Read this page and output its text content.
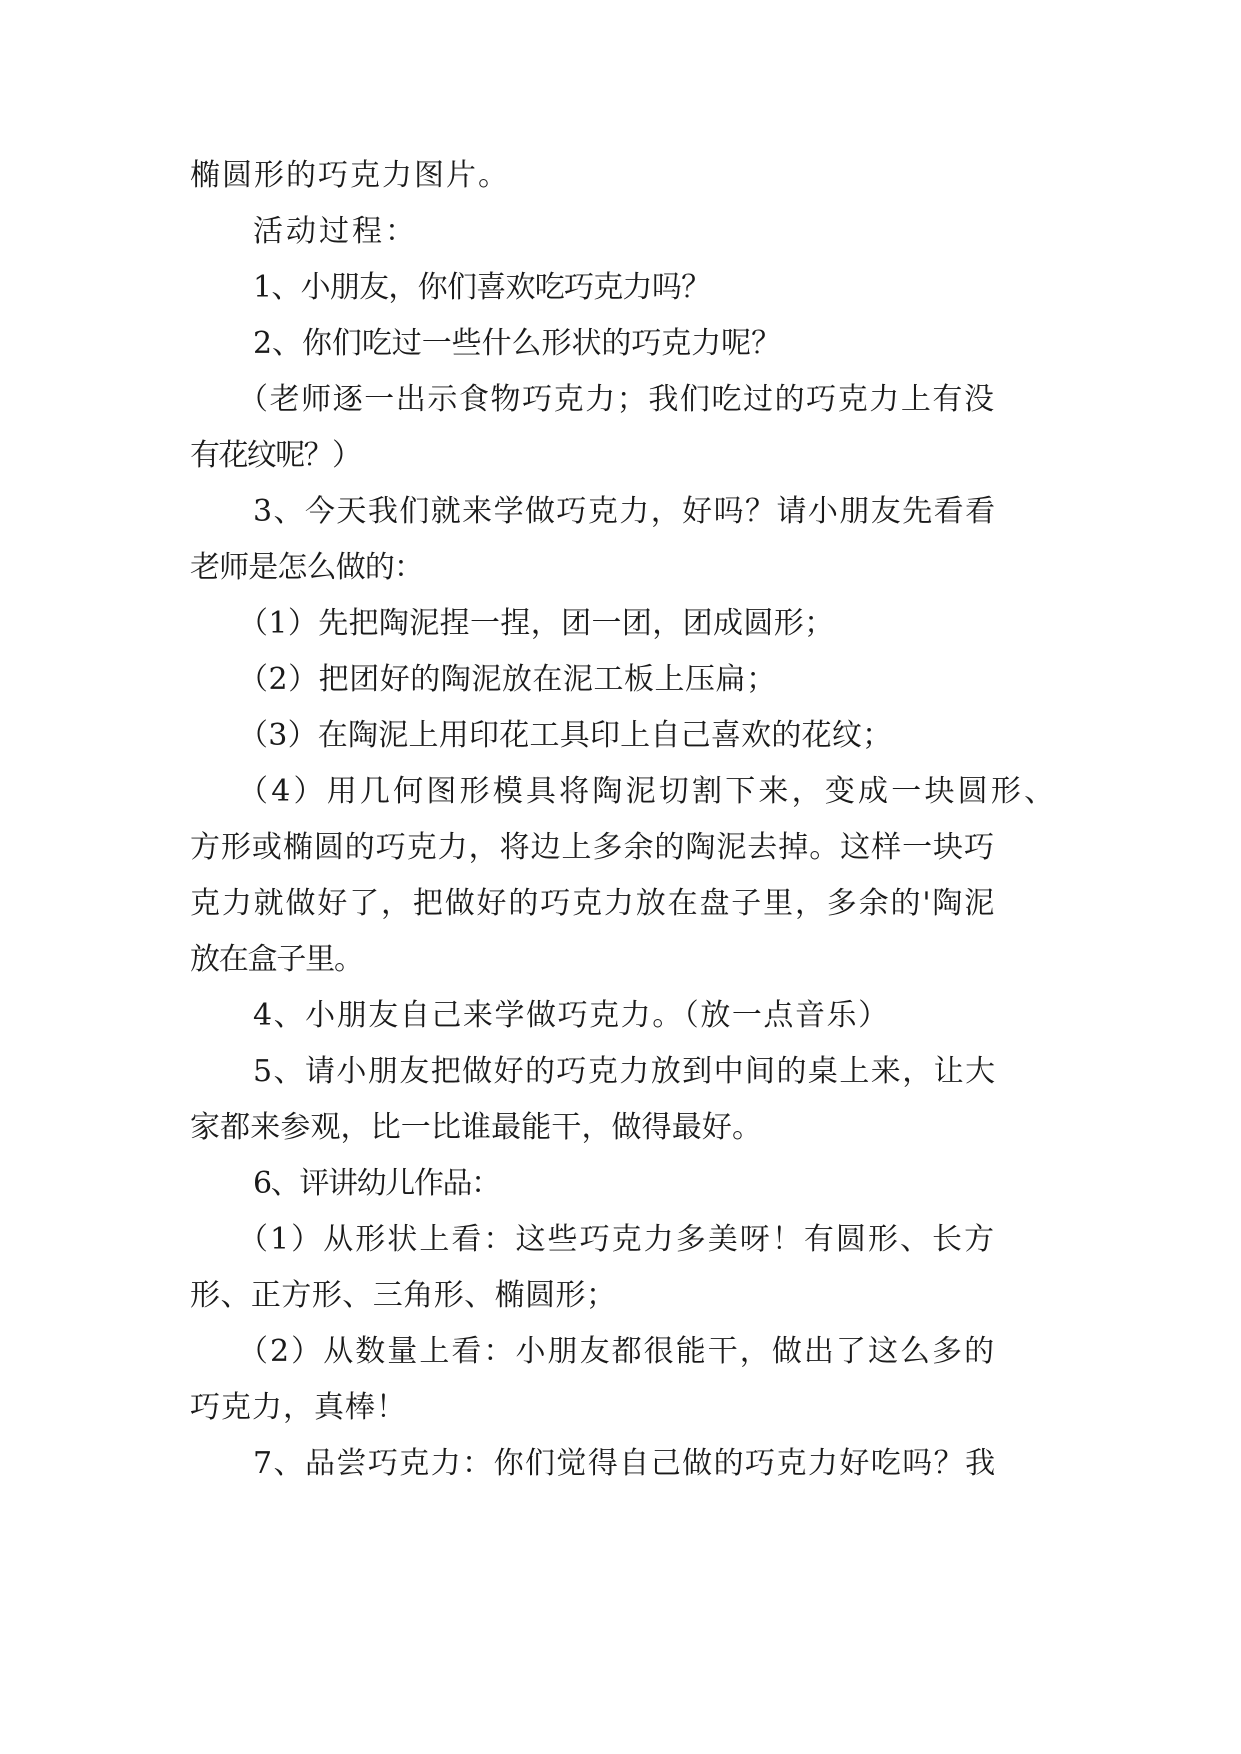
椭圆形的巧克力图片。
活动过程：
1、小朋友，你们喜欢吃巧克力吗？
2、你们吃过一些什么形状的巧克力呢？
（老师逐一出示食物巧克力；我们吃过的巧克力上有没
有花纹呢？）
3、今天我们就来学做巧克力，好吗？请小朋友先看看
老师是怎么做的：
（1）先把陶泥捏一捏，团一团，团成圆形；
（2）把团好的陶泥放在泥工板上压扁；
（3）在陶泥上用印花工具印上自己喜欢的花纹；
（4）用几何图形模具将陶泥切割下来，变成一块圆形、
方形或椭圆的巧克力，将边上多余的陶泥去掉。这样一块巧
克力就做好了，把做好的巧克力放在盘子里，多余的'陶泥
放在盒子里。
4、小朋友自己来学做巧克力。（放一点音乐）
5、请小朋友把做好的巧克力放到中间的桌上来，让大
家都来参观，比一比谁最能干，做得最好。
6、评讲幼儿作品：
（1）从形状上看：这些巧克力多美呀！有圆形、长方
形、正方形、三角形、椭圆形；
（2）从数量上看：小朋友都很能干，做出了这么多的
巧克力，真棒！
7、品尝巧克力：你们觉得自己做的巧克力好吃吗？我
